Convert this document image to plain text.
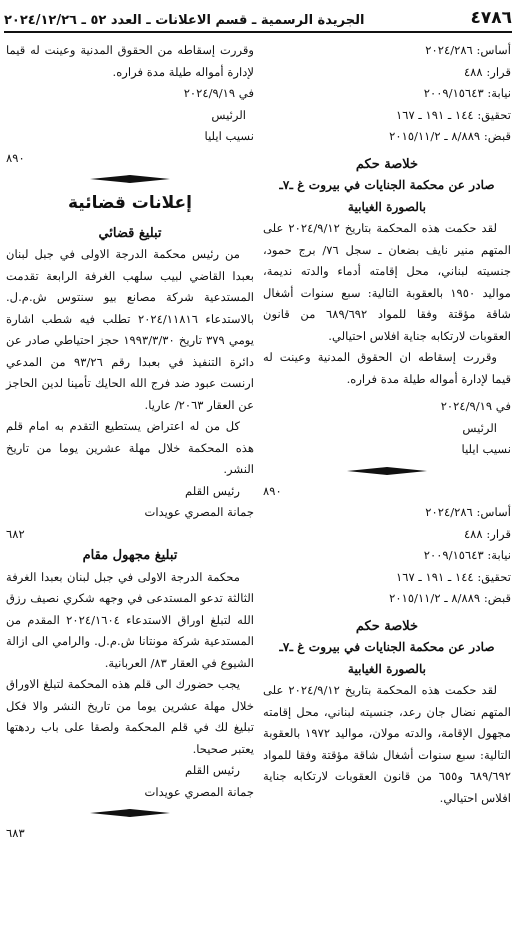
٤٧٨٦
الجريدة الرسمية ـ قسم الاعلانات ـ العدد ٥٢ ـ ٢٠٢٤/١٢/٢٦

أساس: ٢٠٢٤/٢٨٦

قرار: ٤٨٨

نيابة: ٢٠٠٩/١٥٦٤٣

تحقيق: ١٤٤ ـ ١٩١ ـ ١٦٧

قبض: ٨/٨٨٩ ـ ٢٠١٥/١١/٢

خلاصة حكم

صادر عن محكمة الجنايات في بيروت غ ـ٧ـ

بالصورة الغيابية

لقد حكمت هذه المحكمة بتاريخ ٢٠٢٤/٩/١٢ على المتهم منير نايف بضعان ـ سجل ٧٦/ برج حمود، جنسيته لبناني، محل إقامته أدماء والدته نديمة، مواليد ١٩٥٠ بالعقوبة التالية: سبع سنوات أشغال شاقة مؤقتة وفقا للمواد ٦٨٩/٦٩٢ من قانون العقوبات لارتكابه جناية افلاس احتيالي.

وقررت إسقاطه ان الحقوق المدنية وعينت له قيما لإدارة أمواله طيلة مدة فراره.

في ٢٠٢٤/٩/١٩

الرئيس

نسيب ايليا

٨٩٠

أساس: ٢٠٢٤/٢٨٦

قرار: ٤٨٨

نيابة: ٢٠٠٩/١٥٦٤٣

تحقيق: ١٤٤ ـ ١٩١ ـ ١٦٧

قبض: ٨/٨٨٩ ـ ٢٠١٥/١١/٢

خلاصة حكم

صادر عن محكمة الجنايات في بيروت غ ـ٧ـ

بالصورة الغيابية

لقد حكمت هذه المحكمة بتاريخ ٢٠٢٤/٩/١٢ على المتهم نضال جان رعد، جنسيته لبناني، محل إقامته مجهول الإقامة، والدته مولان، مواليد ١٩٧٢ بالعقوبة التالية: سبع سنوات أشغال شاقة مؤقتة وفقا للمواد ٦٨٩/٦٩٢ و٦٥٥ من قانون العقوبات لارتكابه جناية افلاس احتيالي.

وقررت إسقاطه من الحقوق المدنية وعينت له قيما لإدارة أمواله طيلة مدة فراره.

في ٢٠٢٤/٩/١٩

الرئيس

نسيب ايليا

٨٩٠

إعلانات قضائية

تبليغ قضائي

من رئيس محكمة الدرجة الاولى في جبل لبنان بعبدا القاضي لبيب سلهب الغرفة الرابعة تقدمت المستدعية شركة مصانع بيو سنتوس ش.م.ل. بالاستدعاء ٢٠٢٤/١١٨١٦ تطلب فيه شطب اشارة يومي ٣٧٩ تاريخ ١٩٩٣/٣/٣٠ حجز احتياطي صادر عن دائرة التنفيذ في بعبدا رقم ٩٣/٢٦ من المدعي ارنست عبود ضد فرج الله الحايك تأمينا لدين الحاجز عن العقار ٢٠٦٣/ عاريا.

كل من له اعتراض يستطيع التقدم به امام قلم هذه المحكمة خلال مهلة عشرين يوما من تاريخ النشر.

رئيس القلم

جمانة المصري عويدات

٦٨٢

تبليغ مجهول مقام

محكمة الدرجة الاولى في جبل لبنان بعبدا الغرفة الثالثة تدعو المستدعى في وجهه شكري نصيف رزق الله لتبلغ اوراق الاستدعاء ٢٠٢٤/١٦٠٤ المقدم من المستدعية شركة مونتانا ش.م.ل. والرامي الى ازالة الشيوع في العقار ٨٣/ العربانية.

يجب حضورك الى قلم هذه المحكمة لتبلغ الاوراق خلال مهلة عشرين يوما من تاريخ النشر والا فكل تبليغ لك في قلم المحكمة ولصقا على باب ردهتها يعتبر صحيحا.

رئيس القلم

جمانة المصري عويدات

٦٨٣
